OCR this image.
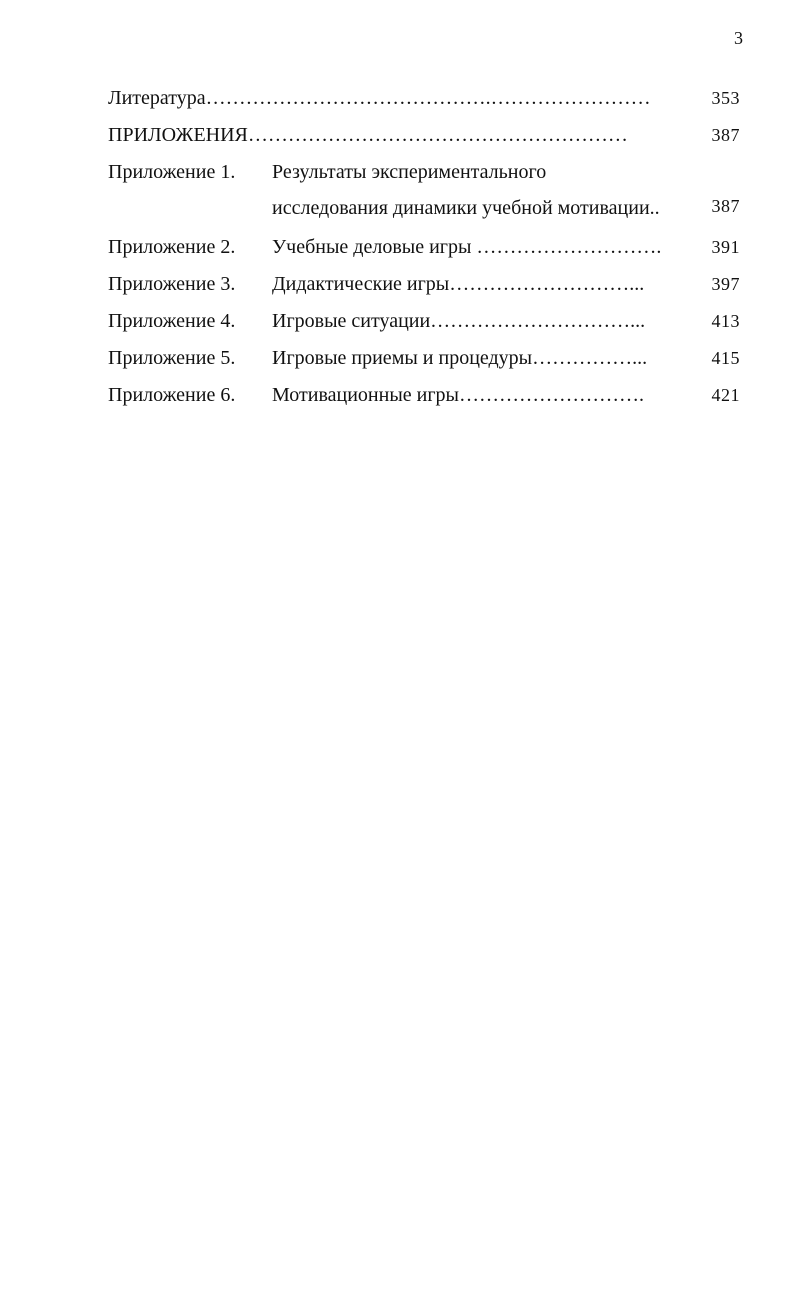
3
Литература…………………………………….……………………	353
ПРИЛОЖЕНИЯ…………………………………………………	387
Приложение 1. Результаты экспериментального
исследования динамики учебной мотивации..	387
Приложение 2. Учебные деловые игры ……………………….	391
Приложение 3. Дидактические игры………………………...	397
Приложение 4. Игровые ситуации…………………………...	413
Приложение 5. Игровые приемы и процедуры……………...	415
Приложение 6. Мотивационные игры……………………….	421
